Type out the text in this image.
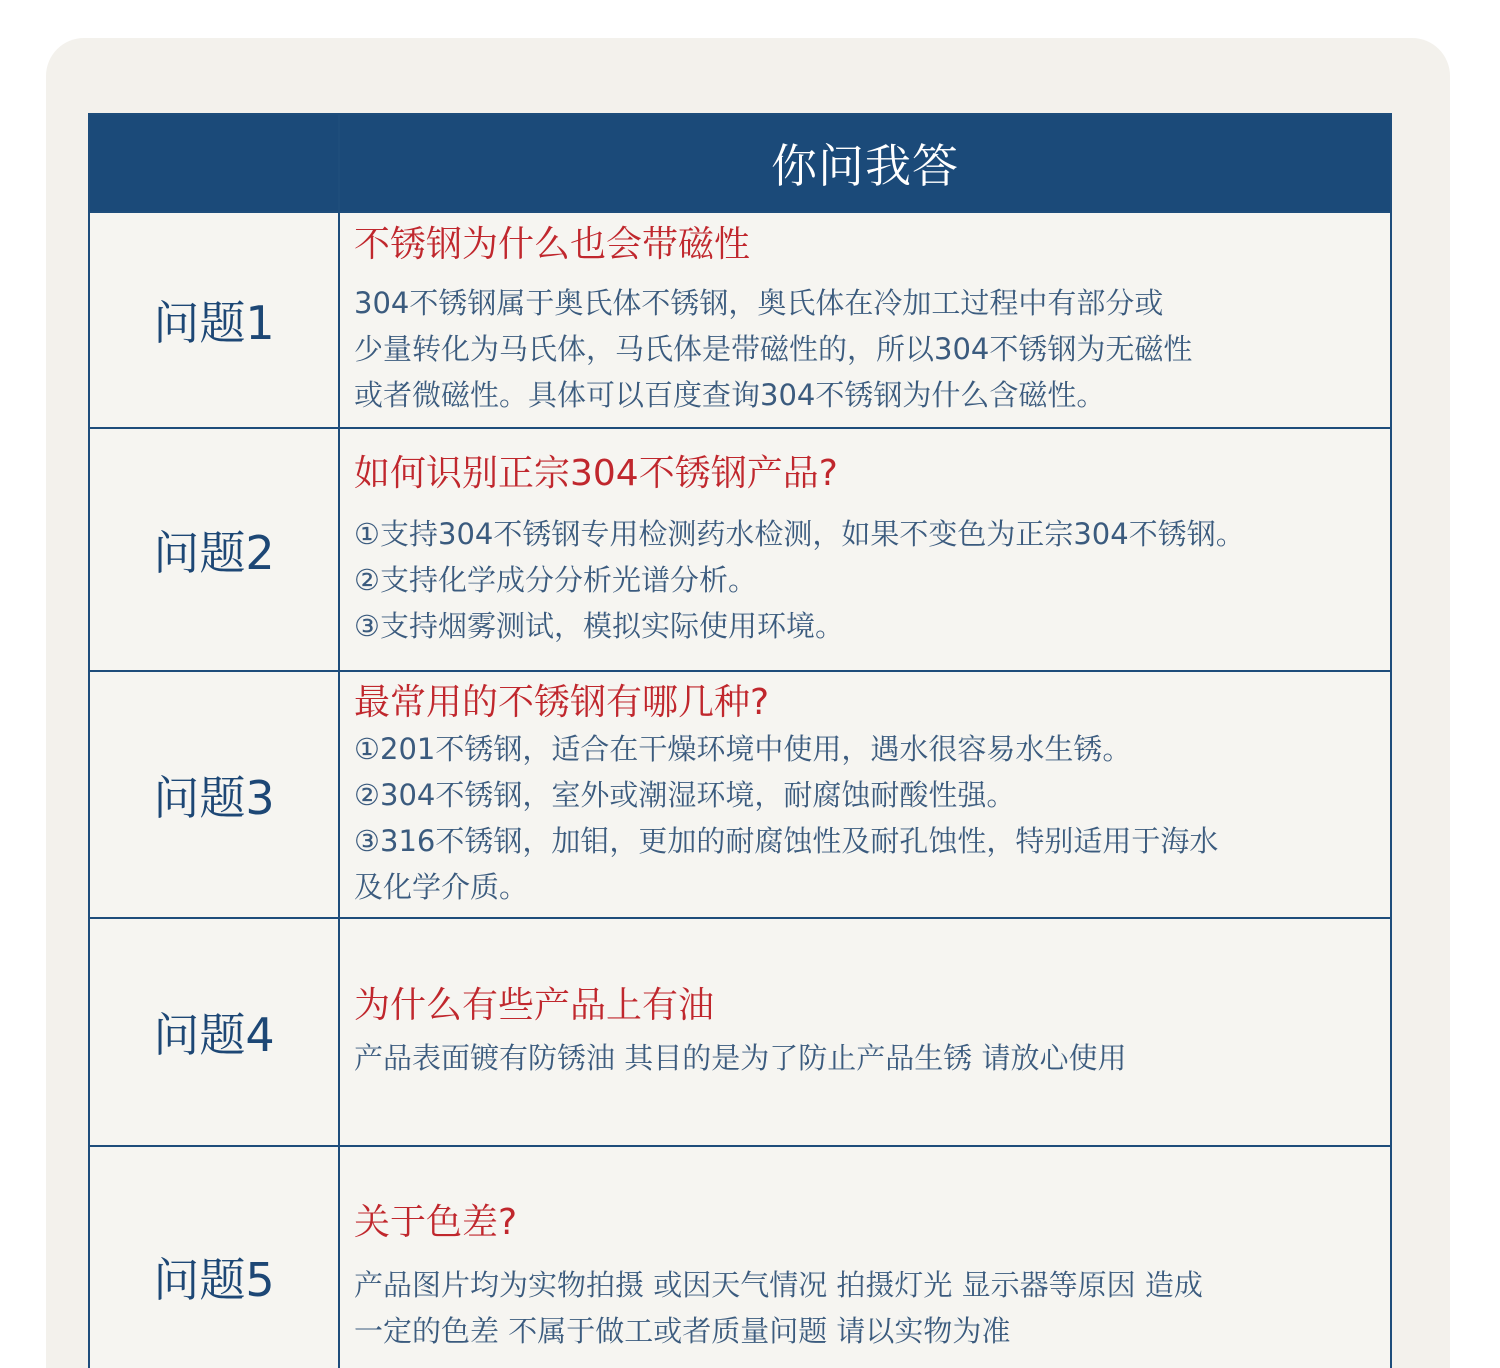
	你问我答

问题1	不锈钢为什么也会带磁性

304不锈钢属于奥氏体不锈钢，奥氏体在冷加工过程中有部分或
少量转化为马氏体，马氏体是带磁性的，所以304不锈钢为无磁性
或者微磁性。具体可以百度查询304不锈钢为什么含磁性。

问题2	如何识别正宗304不锈钢产品?

①支持304不锈钢专用检测药水检测，如果不变色为正宗304不锈钢。
②支持化学成分分析光谱分析。
③支持烟雾测试，模拟实际使用环境。

问题3	最常用的不锈钢有哪几种?

①201不锈钢，适合在干燥环境中使用，遇水很容易水生锈。
②304不锈钢，室外或潮湿环境，耐腐蚀耐酸性强。
③316不锈钢，加钼，更加的耐腐蚀性及耐孔蚀性，特别适用于海水
及化学介质。

问题4	为什么有些产品上有油

产品表面镀有防锈油 其目的是为了防止产品生锈 请放心使用

问题5	关于色差?

产品图片均为实物拍摄 或因天气情况 拍摄灯光 显示器等原因 造成
一定的色差 不属于做工或者质量问题 请以实物为准
